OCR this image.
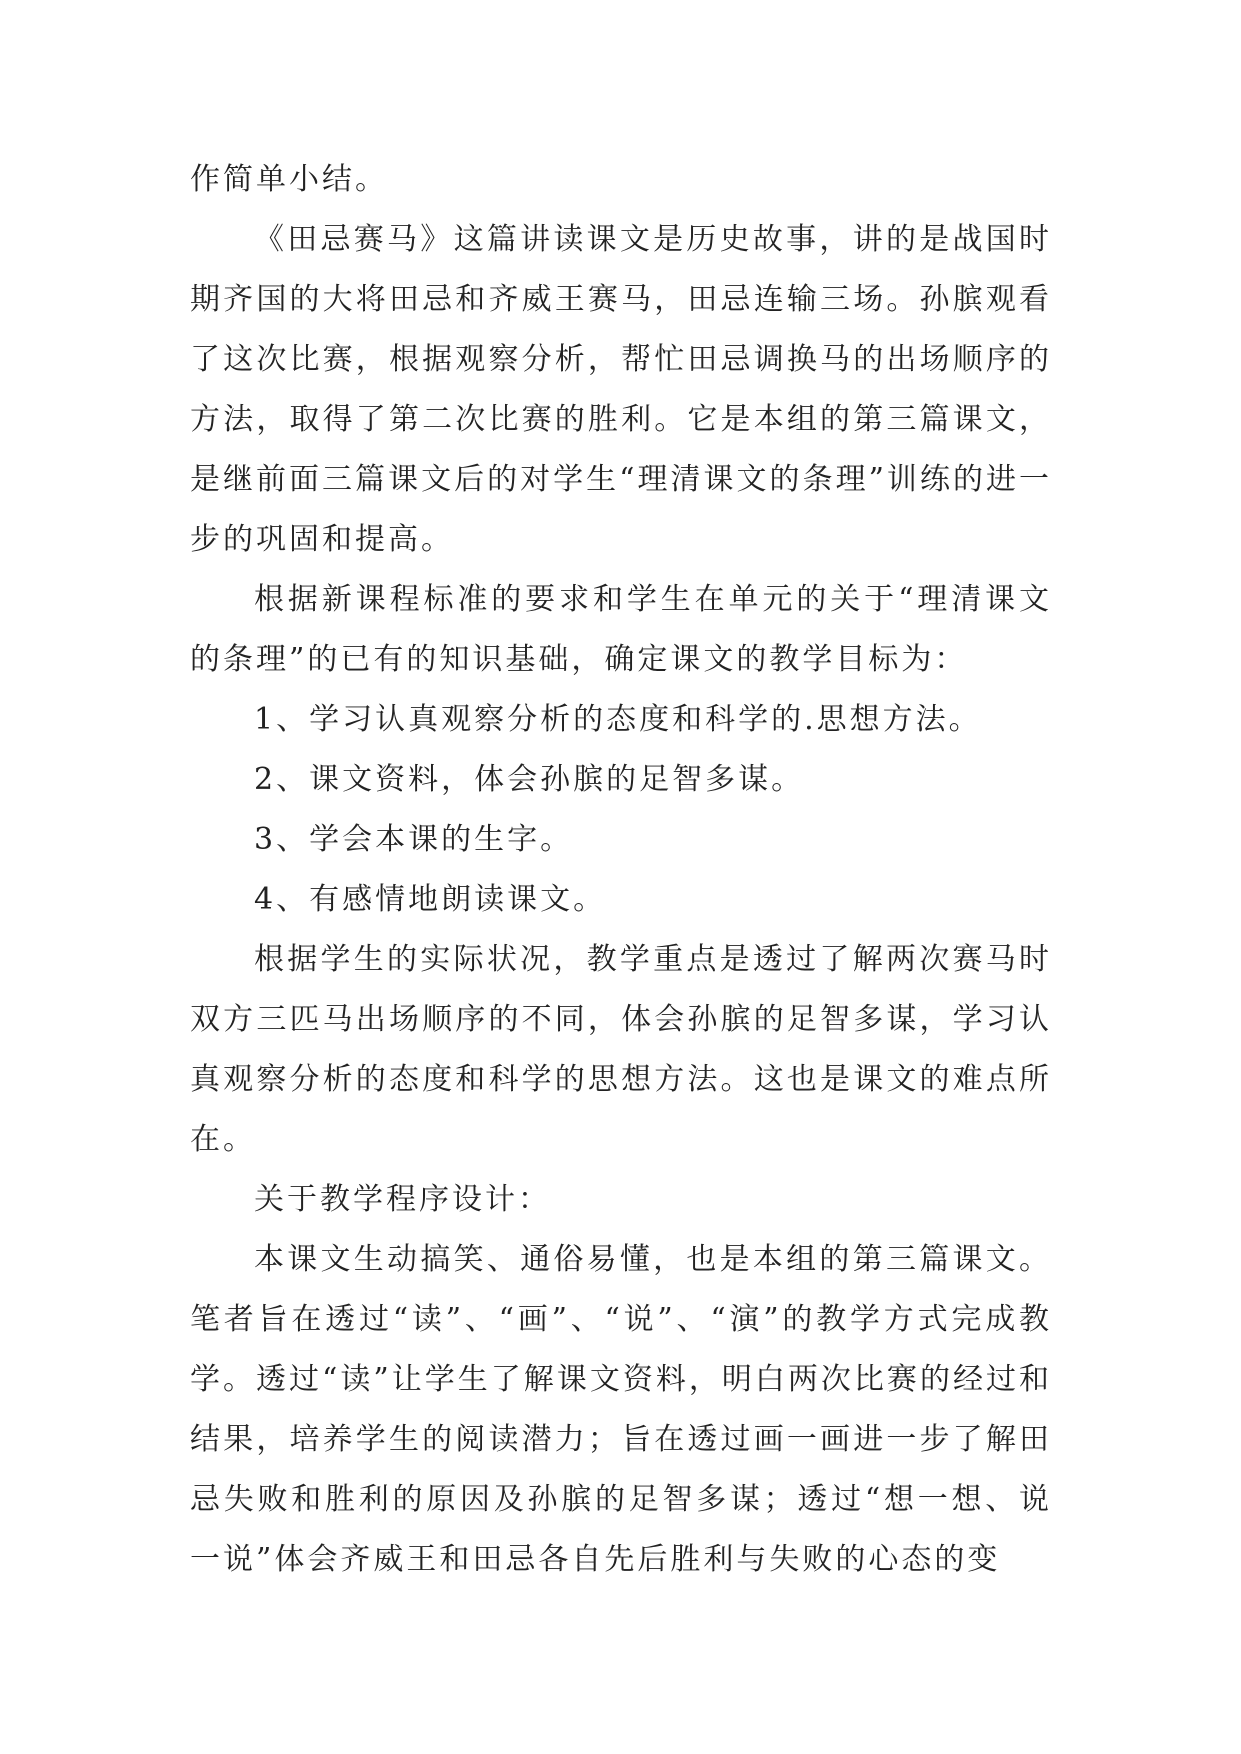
作简单小结。

《田忌赛马》这篇讲读课文是历史故事，讲的是战国时期齐国的大将田忌和齐威王赛马，田忌连输三场。孙膑观看了这次比赛，根据观察分析，帮忙田忌调换马的出场顺序的方法，取得了第二次比赛的胜利。它是本组的第三篇课文，是继前面三篇课文后的对学生“理清课文的条理”训练的进一步的巩固和提高。

根据新课程标准的要求和学生在单元的关于“理清课文的条理”的已有的知识基础，确定课文的教学目标为：

1、学习认真观察分析的态度和科学的.思想方法。

2、课文资料，体会孙膑的足智多谋。

3、学会本课的生字。

4、有感情地朗读课文。

根据学生的实际状况，教学重点是透过了解两次赛马时双方三匹马出场顺序的不同，体会孙膑的足智多谋，学习认真观察分析的态度和科学的思想方法。这也是课文的难点所在。

关于教学程序设计：

本课文生动搞笑、通俗易懂，也是本组的第三篇课文。笔者旨在透过“读”、“画”、“说”、“演”的教学方式完成教学。透过“读”让学生了解课文资料，明白两次比赛的经过和结果，培养学生的阅读潜力；旨在透过画一画进一步了解田忌失败和胜利的原因及孙膑的足智多谋；透过“想一想、说一说”体会齐威王和田忌各自先后胜利与失败的心态的变
